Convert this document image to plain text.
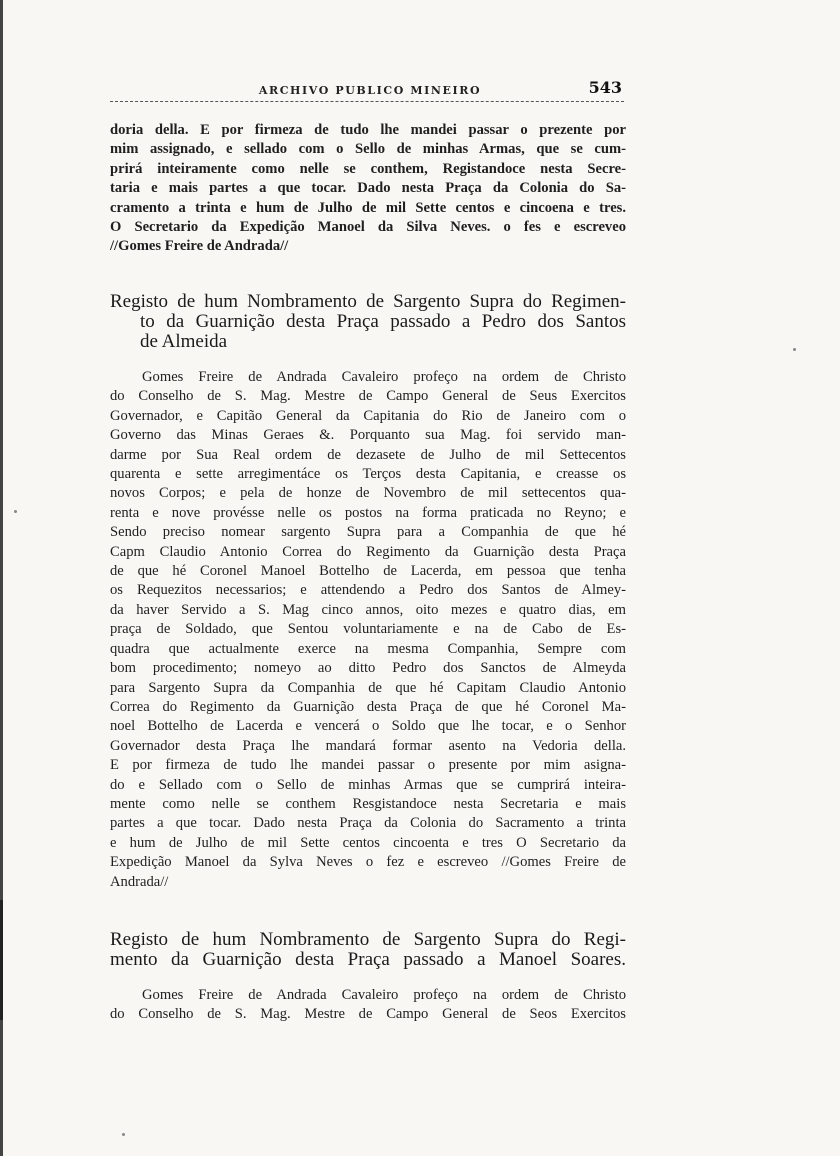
ARCHIVO PUBLICO MINEIRO	543

doria della. E por firmeza de tudo lhe mandei passar o prezente por
mim assignado, e sellado com o Sello de minhas Armas, que se cum-
prirá inteiramente como nelle se conthem, Registandoce nesta Secre-
taria e mais partes a que tocar. Dado nesta Praça da Colonia do Sa-
cramento a trinta e hum de Julho de mil Sette centos e cincoena e tres.
O Secretario da Expedição Manoel da Silva Neves. o fes e escreveo
//Gomes Freire de Andrada//

Registo de hum Nombramento de Sargento Supra do Regimen-
to da Guarnição desta Praça passado a Pedro dos Santos
de Almeida

Gomes Freire de Andrada Cavaleiro profeço na ordem de Christo
do Conselho de S. Mag. Mestre de Campo General de Seus Exercitos
Governador, e Capitão General da Capitania do Rio de Janeiro com o
Governo das Minas Geraes &. Porquanto sua Mag. foi servido man-
darme por Sua Real ordem de dezasete de Julho de mil Settecentos
quarenta e sette arregimentáce os Terços desta Capitania, e creasse os
novos Corpos; e pela de honze de Novembro de mil settecentos qua-
renta e nove provésse nelle os postos na forma praticada no Reyno; e
Sendo preciso nomear sargento Supra para a Companhia de que hé
Capm Claudio Antonio Correa do Regimento da Guarnição desta Praça
de que hé Coronel Manoel Bottelho de Lacerda, em pessoa que tenha
os Requezitos necessarios; e attendendo a Pedro dos Santos de Almey-
da haver Servido a S. Mag cinco annos, oito mezes e quatro dias, em
praça de Soldado, que Sentou voluntariamente e na de Cabo de Es-
quadra que actualmente exerce na mesma Companhia, Sempre com
bom procedimento; nomeyo ao ditto Pedro dos Sanctos de Almeyda
para Sargento Supra da Companhia de que hé Capitam Claudio Antonio
Correa do Regimento da Guarnição desta Praça de que hé Coronel Ma-
noel Bottelho de Lacerda e vencerá o Soldo que lhe tocar, e o Senhor
Governador desta Praça lhe mandará formar asento na Vedoria della.
E por firmeza de tudo lhe mandei passar o presente por mim asigna-
do e Sellado com o Sello de minhas Armas que se cumprirá inteira-
mente como nelle se conthem Resgistandoce nesta Secretaria e mais
partes a que tocar. Dado nesta Praça da Colonia do Sacramento a trinta
e hum de Julho de mil Sette centos cincoenta e tres O Secretario da
Expedição Manoel da Sylva Neves o fez e escreveo //Gomes Freire de
Andrada//

Registo de hum Nombramento de Sargento Supra do Regi-
mento da Guarnição desta Praça passado a Manoel Soares.

Gomes Freire de Andrada Cavaleiro profeço na ordem de Christo
do Conselho de S. Mag. Mestre de Campo General de Seos Exercitos
